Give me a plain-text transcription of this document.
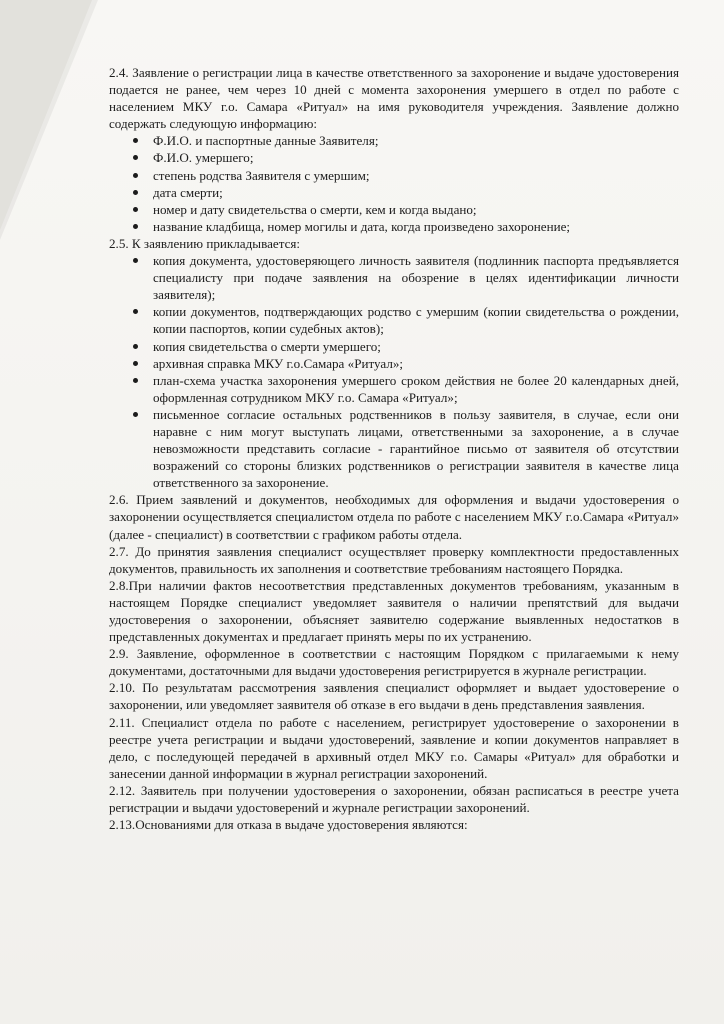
2.4. Заявление о регистрации лица в качестве ответственного за захоронение и выдаче удостоверения подается не ранее, чем через 10 дней с момента захоронения умершего в отдел по работе с населением МКУ г.о. Самара «Ритуал» на имя руководителя учреждения. Заявление должно содержать следующую информацию:

Ф.И.О. и паспортные данные Заявителя;
Ф.И.О. умершего;
степень родства Заявителя с умершим;
дата смерти;
номер и дату свидетельства о смерти, кем и когда выдано;
название кладбища, номер могилы и дата, когда произведено захоронение;

2.5. К заявлению прикладывается:

копия документа, удостоверяющего личность заявителя (подлинник паспорта предъявляется специалисту при подаче заявления на обозрение в целях идентификации личности заявителя);
копии документов, подтверждающих родство с умершим (копии свидетельства о рождении, копии паспортов, копии судебных актов);
копия свидетельства о смерти умершего;
архивная справка МКУ г.о.Самара «Ритуал»;
план-схема участка захоронения умершего сроком действия не более 20 календарных дней, оформленная сотрудником МКУ г.о. Самара «Ритуал»;
письменное согласие остальных родственников в пользу заявителя, в случае, если они наравне с ним могут выступать лицами, ответственными за захоронение, а в случае невозможности представить согласие - гарантийное письмо от заявителя об отсутствии возражений со стороны близких родственников о регистрации заявителя в качестве лица ответственного за захоронение.

2.6. Прием заявлений и документов, необходимых для оформления и выдачи удостоверения о захоронении осуществляется специалистом отдела по работе с населением МКУ г.о.Самара «Ритуал» (далее - специалист) в соответствии с графиком работы отдела.

2.7. До принятия заявления специалист осуществляет проверку комплектности предоставленных документов, правильность их заполнения и соответствие требованиям настоящего Порядка.

2.8.При наличии фактов несоответствия представленных документов требованиям, указанным в настоящем Порядке специалист уведомляет заявителя о наличии препятствий для выдачи удостоверения о захоронении, объясняет заявителю содержание выявленных недостатков в представленных документах и предлагает принять меры по их устранению.

2.9. Заявление, оформленное в соответствии с настоящим Порядком с прилагаемыми к нему документами, достаточными для выдачи удостоверения регистрируется в журнале регистрации.

2.10. По результатам рассмотрения заявления специалист оформляет и выдает удостоверение о захоронении, или уведомляет заявителя об отказе в его выдачи в день представления заявления.

2.11. Специалист отдела по работе с населением, регистрирует удостоверение о захоронении в реестре учета регистрации и выдачи удостоверений, заявление и копии документов направляет в дело, с последующей передачей в архивный отдел МКУ г.о. Самары «Ритуал» для обработки и занесении данной информации в журнал регистрации захоронений.

2.12. Заявитель при получении удостоверения о захоронении, обязан расписаться в реестре учета регистрации и выдачи удостоверений и журнале регистрации захоронений.

2.13.Основаниями для отказа в выдаче удостоверения являются:
